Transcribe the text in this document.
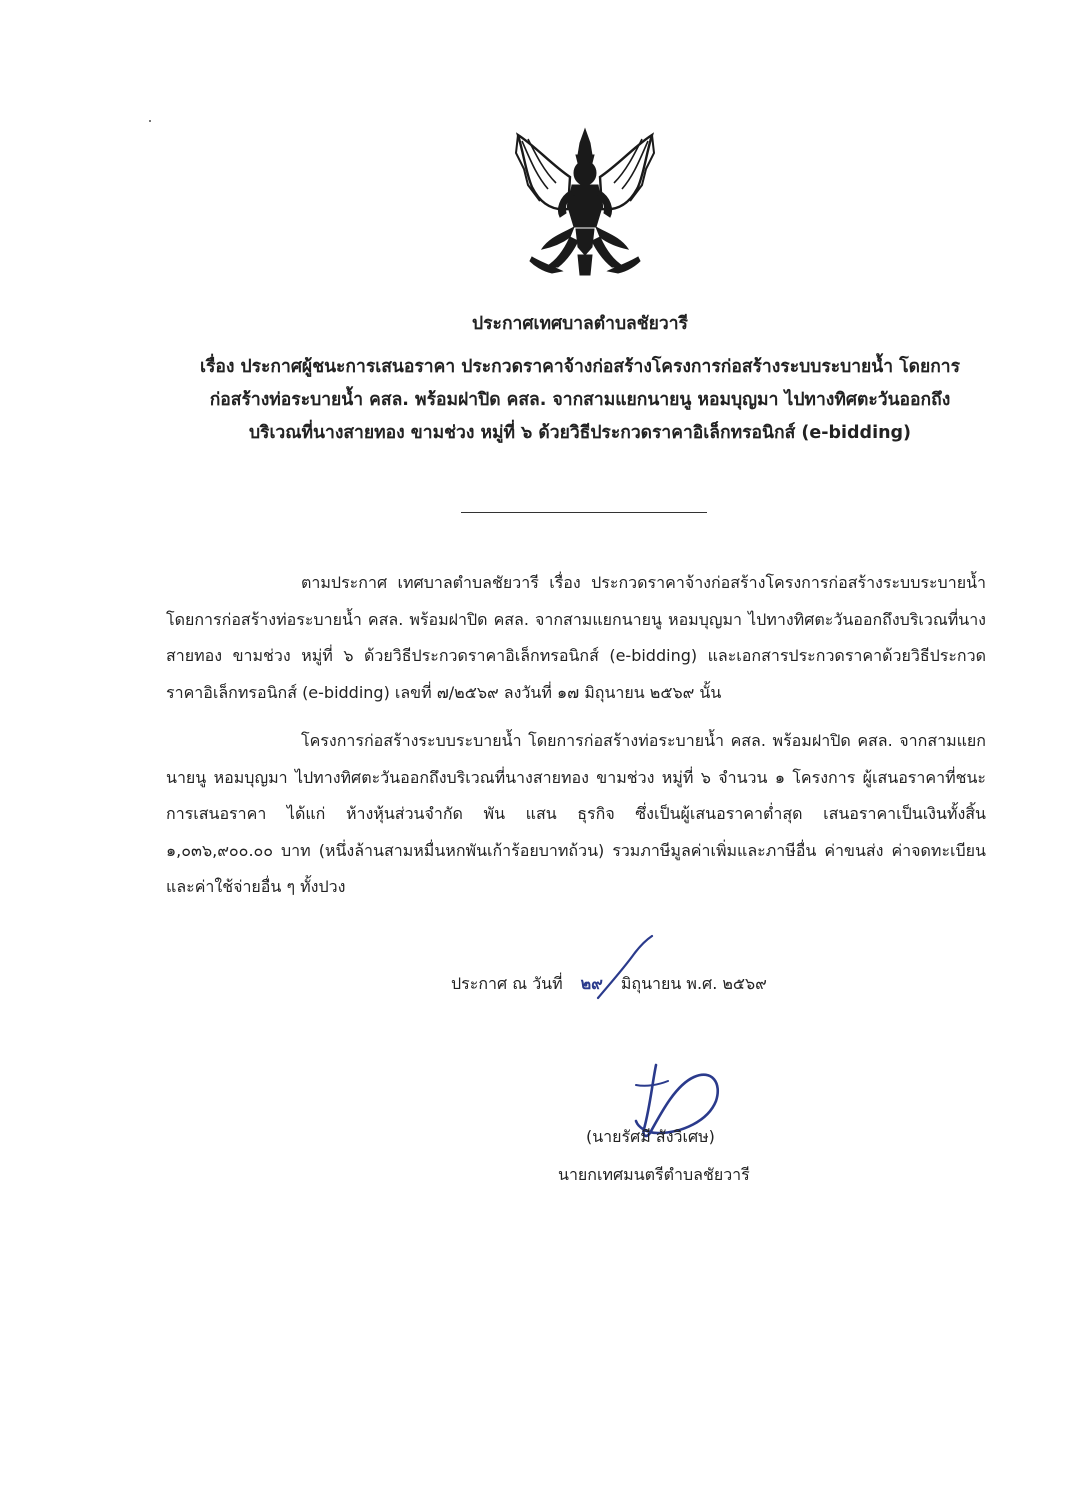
ประกาศเทศบาลตำบลชัยวารี

เรื่อง ประกาศผู้ชนะการเสนอราคา ประกวดราคาจ้างก่อสร้างโครงการก่อสร้างระบบระบายน้ำ โดยการ

ก่อสร้างท่อระบายน้ำ คสล. พร้อมฝาปิด คสล. จากสามแยกนายนู หอมบุญมา ไปทางทิศตะวันออกถึง

บริเวณที่นางสายทอง ขามช่วง หมู่ที่ ๖ ด้วยวิธีประกวดราคาอิเล็กทรอนิกส์ (e-bidding)

ตามประกาศ เทศบาลตำบลชัยวารี เรื่อง ประกวดราคาจ้างก่อสร้างโครงการก่อสร้างระบบระบายน้ำ โดยการก่อสร้างท่อระบายน้ำ คสล. พร้อมฝาปิด คสล. จากสามแยกนายนู หอมบุญมา ไปทางทิศตะวันออกถึงบริเวณที่นางสายทอง ขามช่วง หมู่ที่ ๖ ด้วยวิธีประกวดราคาอิเล็กทรอนิกส์ (e-bidding) และเอกสารประกวดราคาด้วยวิธีประกวดราคาอิเล็กทรอนิกส์ (e-bidding) เลขที่ ๗/๒๕๖๙ ลงวันที่ ๑๗ มิถุนายน ๒๕๖๙ นั้น

โครงการก่อสร้างระบบระบายน้ำ โดยการก่อสร้างท่อระบายน้ำ คสล. พร้อมฝาปิด คสล. จากสามแยกนายนู หอมบุญมา ไปทางทิศตะวันออกถึงบริเวณที่นางสายทอง ขามช่วง หมู่ที่ ๖ จำนวน ๑ โครงการ ผู้เสนอราคาที่ชนะการเสนอราคา ได้แก่ ห้างหุ้นส่วนจำกัด พัน แสน ธุรกิจ ซึ่งเป็นผู้เสนอราคาต่ำสุด เสนอราคาเป็นเงินทั้งสิ้น ๑,๐๓๖,๙๐๐.๐๐ บาท (หนึ่งล้านสามหมื่นหกพันเก้าร้อยบาทถ้วน) รวมภาษีมูลค่าเพิ่มและภาษีอื่น ค่าขนส่ง ค่าจดทะเบียน และค่าใช้จ่ายอื่น ๆ ทั้งปวง

ประกาศ ณ วันที่ ๒๙ มิถุนายน พ.ศ. ๒๕๖๙
(นายรัศมี สังวิเศษ)
นายกเทศมนตรีตำบลชัยวารี
